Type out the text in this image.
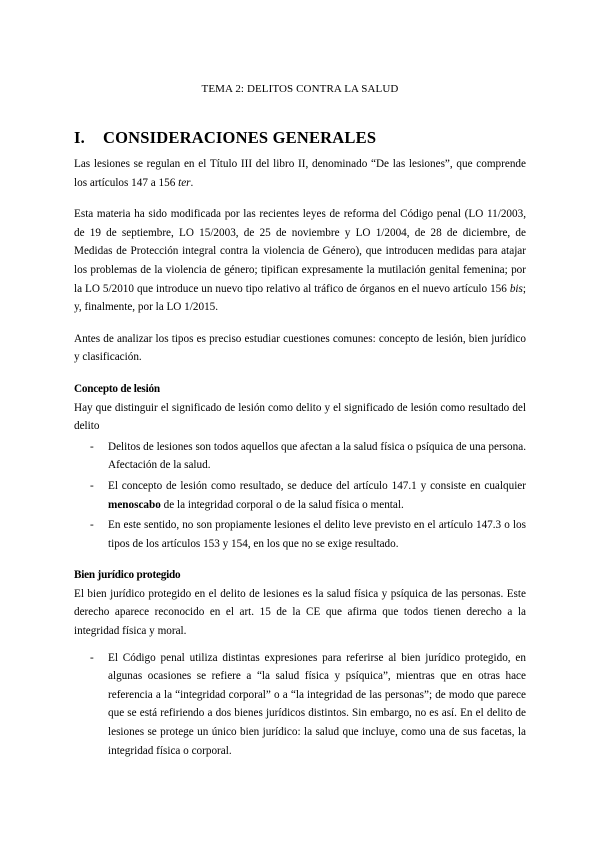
TEMA 2: DELITOS CONTRA LA SALUD
I.	CONSIDERACIONES GENERALES

Las lesiones se regulan en el Título III del libro II, denominado “De las lesiones”, que comprende los artículos 147 a 156 ter.

Esta materia ha sido modificada por las recientes leyes de reforma del Código penal (LO 11/2003, de 19 de septiembre, LO 15/2003, de 25 de noviembre y LO 1/2004, de 28 de diciembre, de Medidas de Protección integral contra la violencia de Género), que introducen medidas para atajar los problemas de la violencia de género; tipifican expresamente la mutilación genital femenina; por la LO 5/2010 que introduce un nuevo tipo relativo al tráfico de órganos en el nuevo artículo 156 bis; y, finalmente, por la LO 1/2015.

Antes de analizar los tipos es preciso estudiar cuestiones comunes: concepto de lesión, bien jurídico y clasificación.

Concepto de lesión

Hay que distinguir el significado de lesión como delito y el significado de lesión como resultado del delito

-	Delitos de lesiones son todos aquellos que afectan a la salud física o psíquica de una persona. Afectación de la salud.
-	El concepto de lesión como resultado, se deduce del artículo 147.1 y consiste en cualquier menoscabo de la integridad corporal o de la salud física o mental.
-	En este sentido, no son propiamente lesiones el delito leve previsto en el artículo 147.3 o los tipos de los artículos 153 y 154, en los que no se exige resultado.
Bien jurídico protegido

El bien jurídico protegido en el delito de lesiones es la salud física y psíquica de las personas. Este derecho aparece reconocido en el art. 15 de la CE que afirma que todos tienen derecho a la integridad física y moral.

-	El Código penal utiliza distintas expresiones para referirse al bien jurídico protegido, en algunas ocasiones se refiere a “la salud física y psíquica”, mientras que en otras hace referencia a la “integridad corporal” o a “la integridad de las personas”; de modo que parece que se está refiriendo a dos bienes jurídicos distintos. Sin embargo, no es así. En el delito de lesiones se protege un único bien jurídico: la salud que incluye, como una de sus facetas, la integridad física o corporal.
